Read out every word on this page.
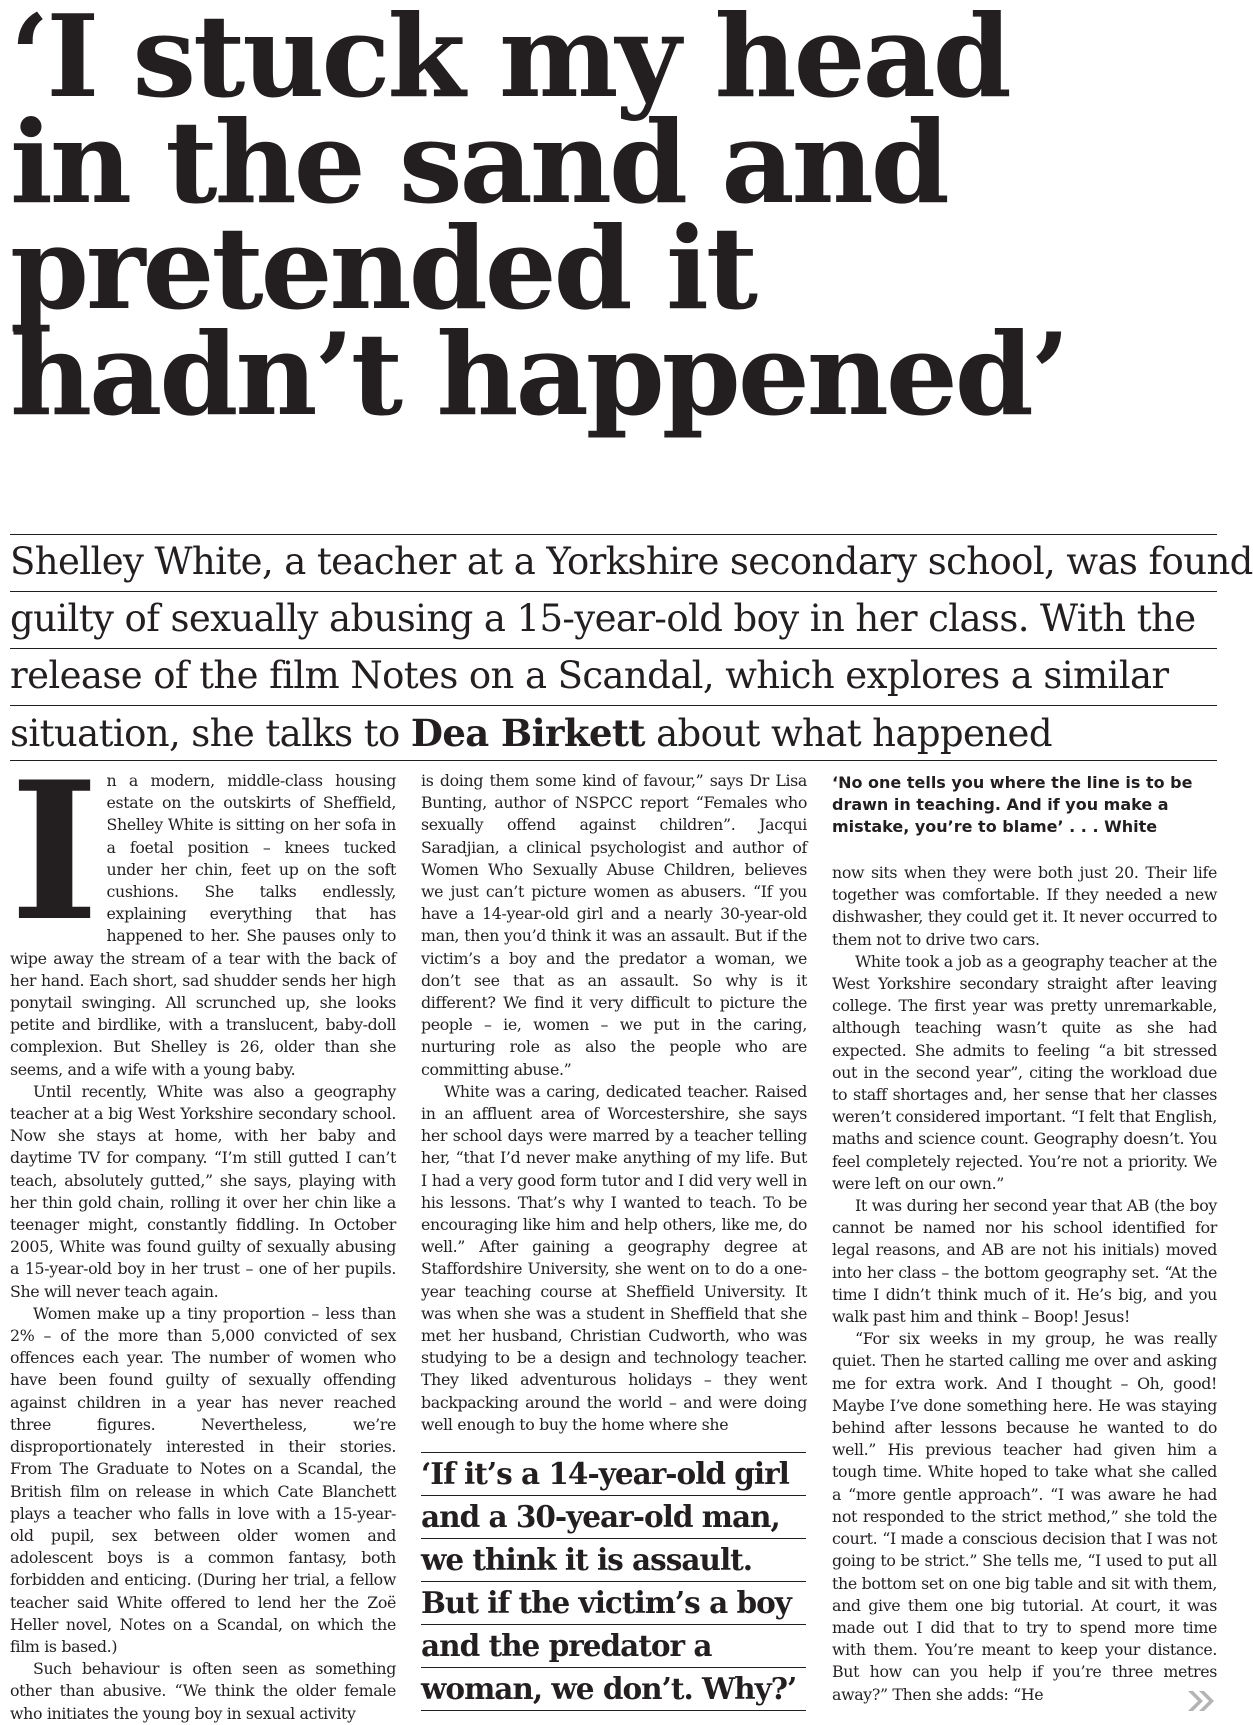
‘I stuck my head
in the sand and
pretended it
hadn’t happened’
Shelley White, a teacher at a Yorkshire secondary school, was found
guilty of sexually abusing a 15-year-old boy in her class. With the
release of the film Notes on a Scandal, which explores a similar
situation, she talks to Dea Birkett about what happened

In a modern, middle-class housing estate on the outskirts of Sheffield, Shelley White is sitting on her sofa in a foetal position – knees tucked under her chin, feet up on the soft cushions. She talks endlessly, explaining everything that has happened to her. She pauses only to wipe away the stream of a tear with the back of her hand. Each short, sad shudder sends her high ponytail swinging. All scrunched up, she looks petite and birdlike, with a translucent, baby-doll complexion. But Shelley is 26, older than she seems, and a wife with a young baby.

Until recently, White was also a geography teacher at a big West Yorkshire secondary school. Now she stays at home, with her baby and daytime TV for company. “I’m still gutted I can’t teach, absolutely gutted,” she says, playing with her thin gold chain, rolling it over her chin like a teenager might, constantly fiddling. In October 2005, White was found guilty of sexually abusing a 15-year-old boy in her trust – one of her pupils. She will never teach again.

Women make up a tiny proportion – less than 2% – of the more than 5,000 convicted of sex offences each year. The number of women who have been found guilty of sexually offending against children in a year has never reached three figures. Nevertheless, we’re disproportionately interested in their stories. From The Graduate to Notes on a Scandal, the British film on release in which Cate Blanchett plays a teacher who falls in love with a 15-year-old pupil, sex between older women and adolescent boys is a common fantasy, both forbidden and enticing. (During her trial, a fellow teacher said White offered to lend her the Zoë Heller novel, Notes on a Scandal, on which the film is based.)

Such behaviour is often seen as something other than abusive. “We think the older female who initiates the young boy in sexual activity

is doing them some kind of favour,” says Dr Lisa Bunting, author of NSPCC report “Females who sexually offend against children”. Jacqui Saradjian, a clinical psychologist and author of Women Who Sexually Abuse Children, believes we just can’t picture women as abusers. “If you have a 14-year-old girl and a nearly 30-year-old man, then you’d think it was an assault. But if the victim’s a boy and the predator a woman, we don’t see that as an assault. So why is it different? We find it very difficult to picture the people – ie, women – we put in the caring, nurturing role as also the people who are committing abuse.”

White was a caring, dedicated teacher. Raised in an affluent area of Worcestershire, she says her school days were marred by a teacher telling her, “that I’d never make anything of my life. But I had a very good form tutor and I did very well in his lessons. That’s why I wanted to teach. To be encouraging like him and help others, like me, do well.” After gaining a geography degree at Staffordshire University, she went on to do a one-year teaching course at Sheffield University. It was when she was a student in Sheffield that she met her husband, Christian Cudworth, who was studying to be a design and technology teacher. They liked adventurous holidays – they went backpacking around the world – and were doing well enough to buy the home where she

‘No one tells you where the line is to be drawn in teaching. And if you make a mistake, you’re to blame’ . . . White

now sits when they were both just 20. Their life together was comfortable. If they needed a new dishwasher, they could get it. It never occurred to them not to drive two cars.

White took a job as a geography teacher at the West Yorkshire secondary straight after leaving college. The first year was pretty unremarkable, although teaching wasn’t quite as she had expected. She admits to feeling “a bit stressed out in the second year”, citing the workload due to staff shortages and, her sense that her classes weren’t considered important. “I felt that English, maths and science count. Geography doesn’t. You feel completely rejected. You’re not a priority. We were left on our own.”

It was during her second year that AB (the boy cannot be named nor his school identified for legal reasons, and AB are not his initials) moved into her class – the bottom geography set. “At the time I didn’t think much of it. He’s big, and you walk past him and think – Boop! Jesus!

“For six weeks in my group, he was really quiet. Then he started calling me over and asking me for extra work. And I thought – Oh, good! Maybe I’ve done something here. He was staying behind after lessons because he wanted to do well.” His previous teacher had given him a tough time. White hoped to take what she called a “more gentle approach”. “I was aware he had not responded to the strict method,” she told the court. “I made a conscious decision that I was not going to be strict.” She tells me, “I used to put all the bottom set on one big table and sit with them, and give them one big tutorial. At court, it was made out I did that to try to spend more time with them. You’re meant to keep your distance. But how can you help if you’re three metres away?” Then she adds: “He

‘If it’s a 14-year-old girl
and a 30-year-old man,
we think it is assault.
But if the victim’s a boy
and the predator a
woman, we don’t. Why?’
